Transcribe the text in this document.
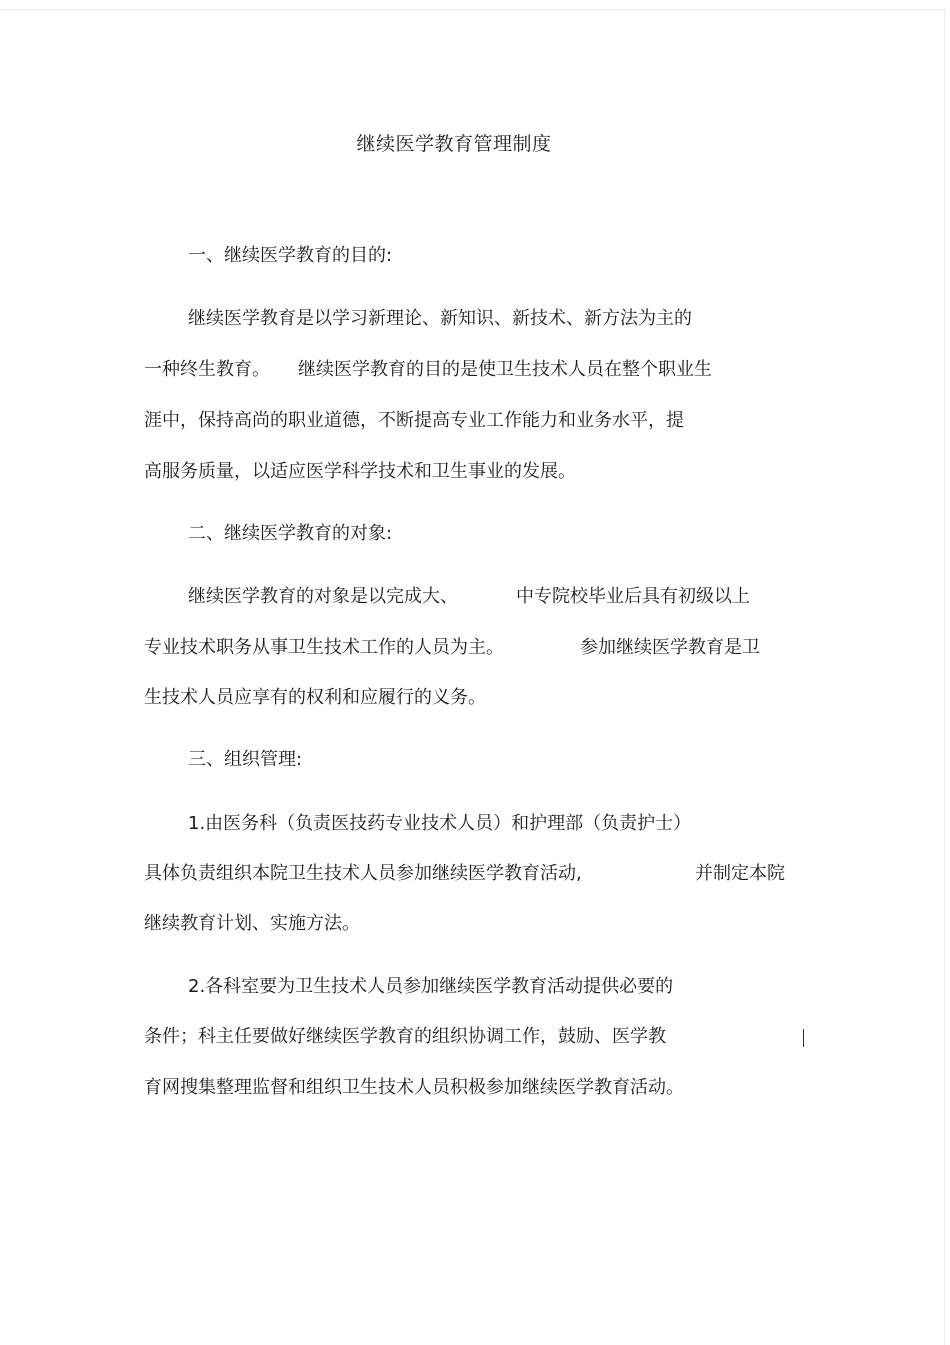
继续医学教育管理制度
一、继续医学教育的目的:
继续医学教育是以学习新理论、新知识、新技术、新方法为主的
一种终生教育。 继续医学教育的目的是使卫生技术人员在整个职业生
涯中，保持高尚的职业道德，不断提高专业工作能力和业务水平，提
高服务质量，以适应医学科学技术和卫生事业的发展。
二、继续医学教育的对象:
继续医学教育的对象是以完成大、	中专院校毕业后具有初级以上
专业技术职务从事卫生技术工作的人员为主。	参加继续医学教育是卫
生技术人员应享有的权利和应履行的义务。
三、组织管理:
1.由医务科（负责医技药专业技术人员）和护理部（负责护士）
具体负责组织本院卫生技术人员参加继续医学教育活动,	并制定本院
继续教育计划、实施方法。
2.各科室要为卫生技术人员参加继续医学教育活动提供必要的
条件；科主任要做好继续医学教育的组织协调工作，鼓励、医学教
育网搜集整理监督和组织卫生技术人员积极参加继续医学教育活动。
